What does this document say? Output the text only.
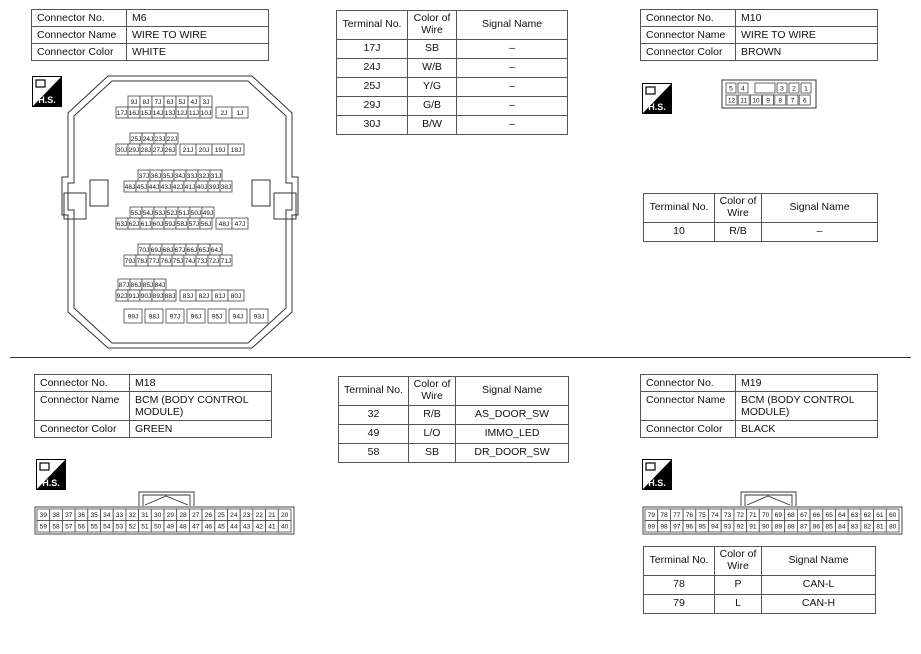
Connector No.	M6
Connector Name	WIRE TO WIRE
Connector Color	WHITE
H.S.	9J 8J 7J 6J 5J 4J 3J
17J 16J 15J 14J 13J 12J 11J 10J 2J 1J
25J 24J 23J 22J
30J 29J 28J 27J 26J 21J 20J 19J 18J
37J 36J 35J 34J 33J 32J 31J
46J 45J 44J 43J 42J 41J 40J 39J 38J
55J 54J 53J 52J 51J 50J 49J
63J 62J 61J 60J 59J 58J 57J 56J 48J 47J
70J 69J 68J 67J 66J 65J 64J
79J 78J 77J 76J 75J 74J 73J 72J 71J
87J 86J 85J 84J
92J 91J 90J 89J 88J 83J 82J 81J 80J
99J 98J 97J 96J 95J 94J 93J
Terminal No.	Color of Wire	Signal Name
17J	SB	–
24J	W/B	–
25J	Y/G	–
29J	G/B	–
30J	B/W	–
Connector No.	M10
Connector Name	WIRE TO WIRE
Connector Color	BROWN
H.S.
5 4	3 2 1
12 11 10 9 8 7 6
Terminal No.	Color of Wire	Signal Name
10	R/B	–
Connector No.	M18
Connector Name	BCM (BODY CONTROL MODULE)
Connector Color	GREEN
H.S.
39 38 37 36 35 34 33 32 31 30 29 28 27 26 25 24 23 22 21 20
59 58 57 56 55 54 53 52 51 50 49 48 47 46 45 44 43 42 41 40
Terminal No.	Color of Wire	Signal Name
32	R/B	AS_DOOR_SW
49	L/O	IMMO_LED
58	SB	DR_DOOR_SW
Connector No.	M19
Connector Name	BCM (BODY CONTROL MODULE)
Connector Color	BLACK
H.S.
79 78 77 76 75 74 73 72 71 70 69 68 67 66 65 64 63 62 61 60
99 98 97 96 95 94 93 92 91 90 89 88 87 86 85 84 83 82 81 80
Terminal No.	Color of Wire	Signal Name
78	P	CAN-L
79	L	CAN-H
